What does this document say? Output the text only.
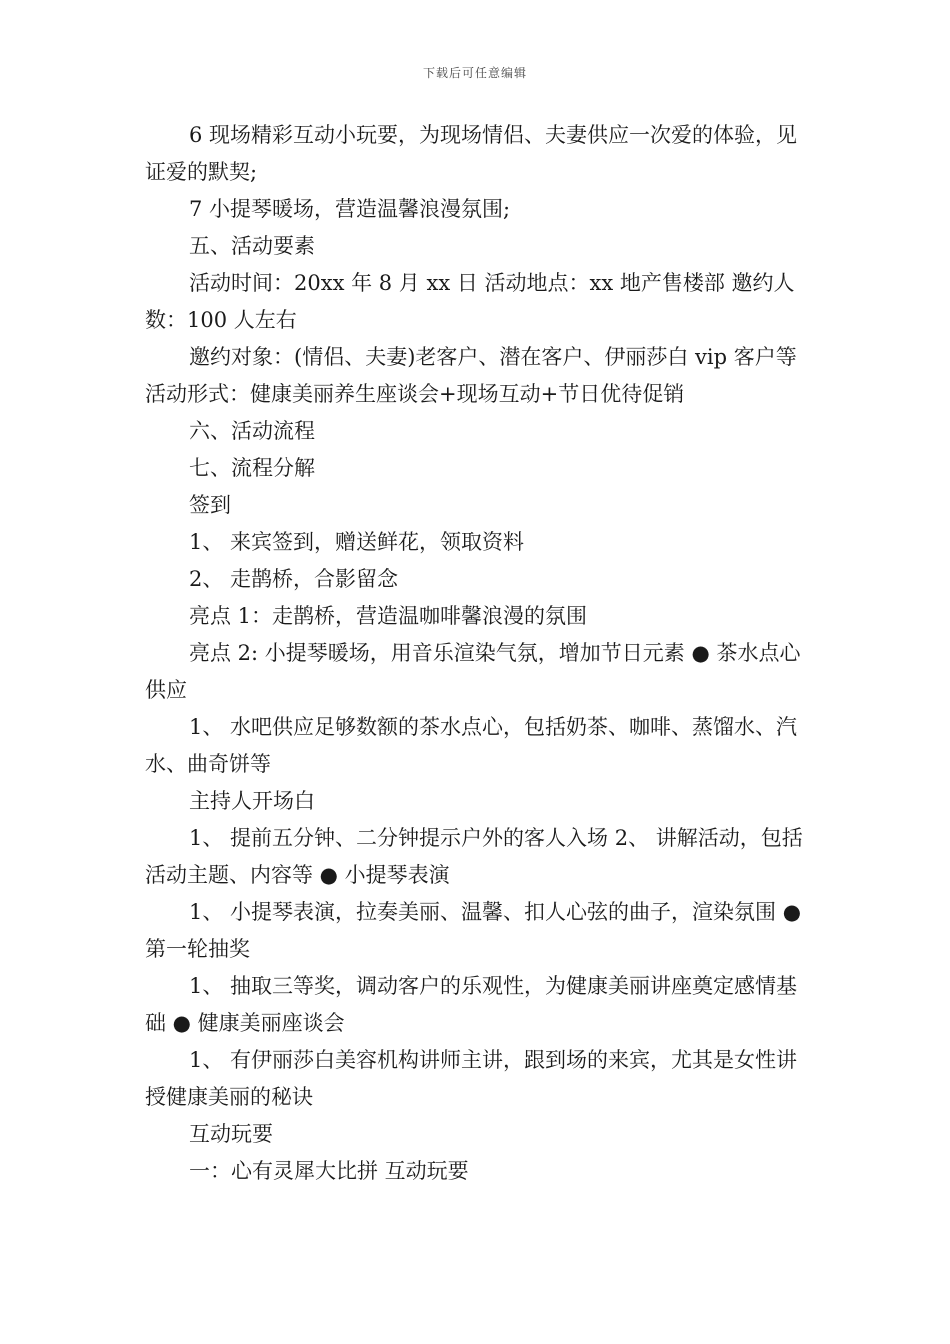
下载后可任意编辑

6 现场精彩互动小玩要，为现场情侣、夫妻供应一次爱的体验，见证爱的默契;

7 小提琴暖场，营造温馨浪漫氛围;

五、活动要素

活动时间：20xx 年 8 月 xx 日 活动地点：xx 地产售楼部 邀约人数：100 人左右

邀约对象：(情侣、夫妻)老客户、潜在客户、伊丽莎白 vip 客户等 活动形式：健康美丽养生座谈会+现场互动+节日优待促销

六、活动流程

七、流程分解

签到

1、 来宾签到，赠送鲜花，领取资料

2、 走鹊桥，合影留念

亮点 1：走鹊桥，营造温咖啡馨浪漫的氛围

亮点 2: 小提琴暖场，用音乐渲染气氛，增加节日元素 ● 茶水点心供应

1、 水吧供应足够数额的茶水点心，包括奶茶、咖啡、蒸馏水、汽水、曲奇饼等

主持人开场白

1、 提前五分钟、二分钟提示户外的客人入场 2、 讲解活动，包括活动主题、内容等 ● 小提琴表演

1、 小提琴表演，拉奏美丽、温馨、扣人心弦的曲子，渲染氛围 ● 第一轮抽奖

1、 抽取三等奖，调动客户的乐观性，为健康美丽讲座奠定感情基础 ● 健康美丽座谈会

1、 有伊丽莎白美容机构讲师主讲，跟到场的来宾，尤其是女性讲授健康美丽的秘诀

互动玩要

一：心有灵犀大比拼 互动玩要
